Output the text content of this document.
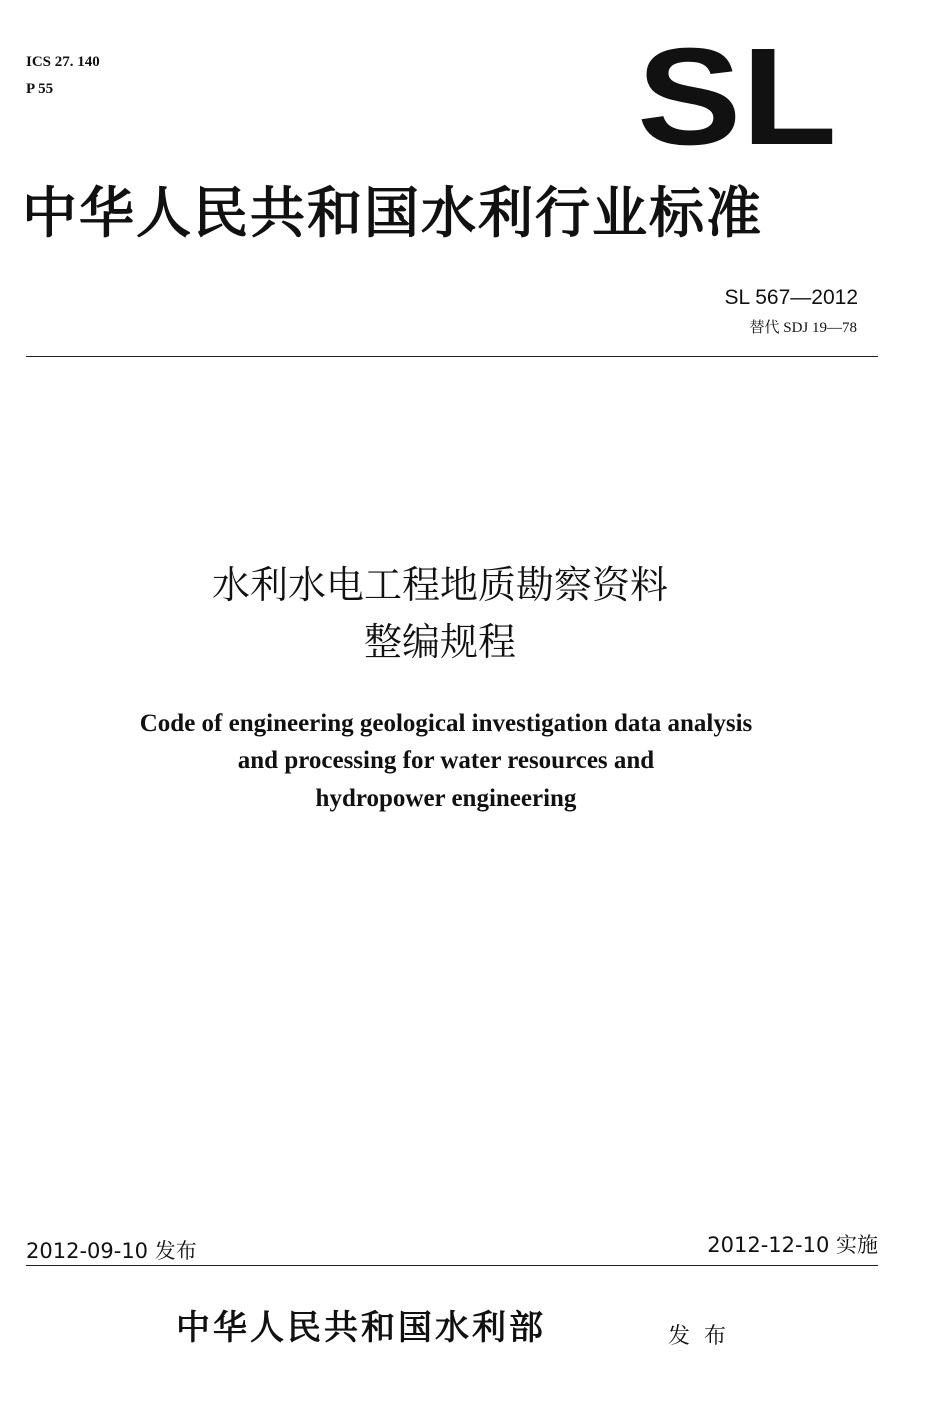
ICS 27. 140
P 55	SL
中华人民共和国水利行业标准
SL 567—2012
替代 SDJ 19—78
水利水电工程地质勘察资料
整编规程
Code of engineering geological investigation data analysis
and processing for water resources and
hydropower engineering
2012-09-10 发布	2012-12-10 实施
中华人民共和国水利部	发布
